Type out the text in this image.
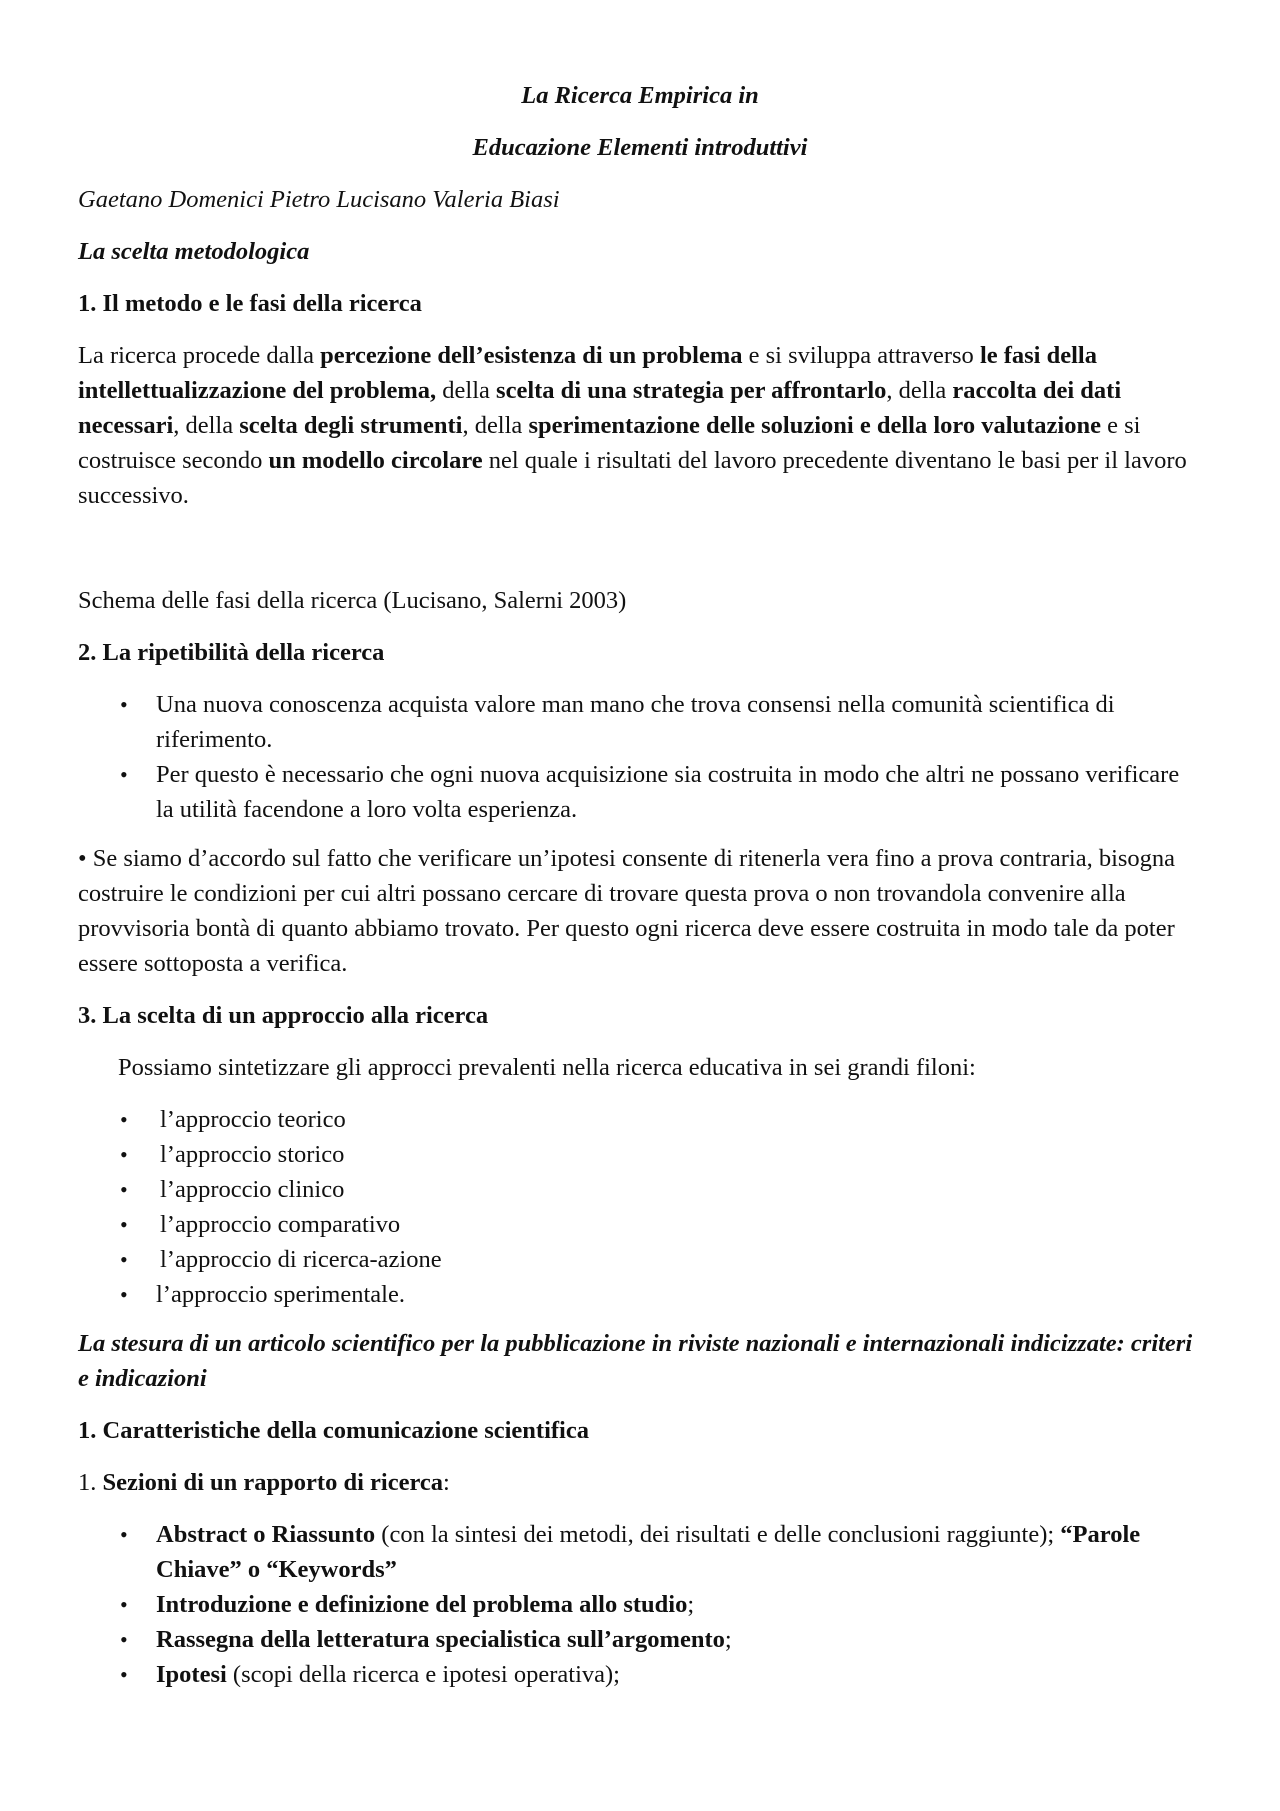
La Ricerca Empirica in

Educazione Elementi introduttivi

Gaetano Domenici Pietro Lucisano Valeria Biasi

La scelta metodologica

1. Il metodo e le fasi della ricerca

La ricerca procede dalla percezione dell’esistenza di un problema e si sviluppa attraverso le fasi della intellettualizzazione del problema, della scelta di una strategia per affrontarlo, della raccolta dei dati necessari, della scelta degli strumenti, della sperimentazione delle soluzioni e della loro valutazione e si costruisce secondo un modello circolare nel quale i risultati del lavoro precedente diventano le basi per il lavoro successivo.

Schema delle fasi della ricerca (Lucisano, Salerni 2003)

2. La ripetibilità della ricerca

• Una nuova conoscenza acquista valore man mano che trova consensi nella comunità scientifica di riferimento.
• Per questo è necessario che ogni nuova acquisizione sia costruita in modo che altri ne possano verificare la utilità facendone a loro volta esperienza.

• Se siamo d’accordo sul fatto che verificare un’ipotesi consente di ritenerla vera fino a prova contraria, bisogna costruire le condizioni per cui altri possano cercare di trovare questa prova o non trovandola convenire alla provvisoria bontà di quanto abbiamo trovato. Per questo ogni ricerca deve essere costruita in modo tale da poter essere sottoposta a verifica.

3. La scelta di un approccio alla ricerca

Possiamo sintetizzare gli approcci prevalenti nella ricerca educativa in sei grandi filoni:

• l’approccio teorico
• l’approccio storico
• l’approccio clinico
• l’approccio comparativo
• l’approccio di ricerca-azione
• l’approccio sperimentale.

La stesura di un articolo scientifico per la pubblicazione in riviste nazionali e internazionali indicizzate: criteri e indicazioni

1. Caratteristiche della comunicazione scientifica

1. Sezioni di un rapporto di ricerca:

• Abstract o Riassunto (con la sintesi dei metodi, dei risultati e delle conclusioni raggiunte); “Parole Chiave” o “Keywords”
• Introduzione e definizione del problema allo studio;
• Rassegna della letteratura specialistica sull’argomento;
• Ipotesi (scopi della ricerca e ipotesi operativa);
